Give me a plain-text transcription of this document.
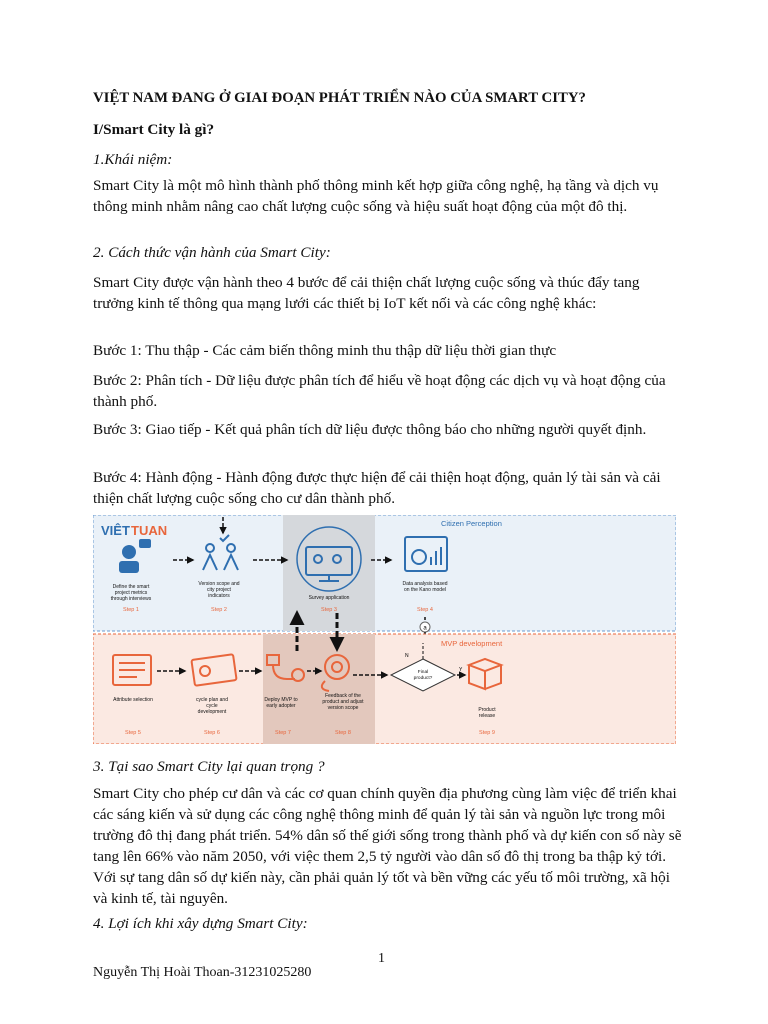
VIỆT NAM ĐANG Ở GIAI ĐOẠN PHÁT TRIỂN NÀO CỦA SMART CITY?
I/Smart City là gì?
1.Khái niệm:
Smart City là một mô hình thành phố thông minh kết hợp giữa công nghệ, hạ tầng và dịch vụ thông minh nhằm nâng cao chất lượng cuộc sống và hiệu suất hoạt động của một đô thị.
2. Cách thức vận hành của Smart City:
Smart City được vận hành theo 4 bước để cải thiện chất lượng cuộc sống và thúc đẩy tang trưởng kinh tế thông qua mạng lưới các thiết bị IoT kết nối và các công nghệ khác:
Bước 1: Thu thập - Các cảm biến thông minh thu thập dữ liệu thời gian thực
Bước 2: Phân tích - Dữ liệu được phân tích để hiểu về hoạt động các dịch vụ và hoạt động của thành phố.
Bước 3: Giao tiếp - Kết quả phân tích dữ liệu được thông báo cho những người quyết định.
Bước 4: Hành động - Hành động được thực hiện để cải thiện hoạt động, quản lý tài sản và cải thiện chất lượng cuộc sống cho cư dân thành phố.
VIÊT TUAN	Citizen Perception
MVP development
Define the smart
project metrics
through interviews
Version scope and
city project
indicators	Survey application
Data analysis based
on the Kano model
Step 1	Step 2	Step 3	Step 4
a
Final
product?
Y
N
Attribute selection	cycle plan and
cycle
development
Deploy MVP to
early adopter
Feedback of the
product and adjust
version scope	Product
release
Step 5	Step 6	Step 7	Step 8	Step 9
3. Tại sao Smart City lại quan trọng ?
Smart City cho phép cư dân và các cơ quan chính quyền địa phương cùng làm việc để triển khai các sáng kiến và sử dụng các công nghệ thông minh để quản lý tài sản và nguồn lực trong môi trường đô thị đang phát triển. 54% dân số thế giới sống trong thành phố và dự kiến con số này sẽ tang lên 66% vào năm 2050, với việc them 2,5 tỷ người vào dân số đô thị trong ba thập kỷ tới. Với sự tang dân số dự kiến này, cần phải quản lý tốt và bền vững các yếu tố môi trường, xã hội và kinh tế, tài nguyên.
4. Lợi ích khi xây dựng Smart City:
1
Nguyễn Thị Hoài Thoan-31231025280
